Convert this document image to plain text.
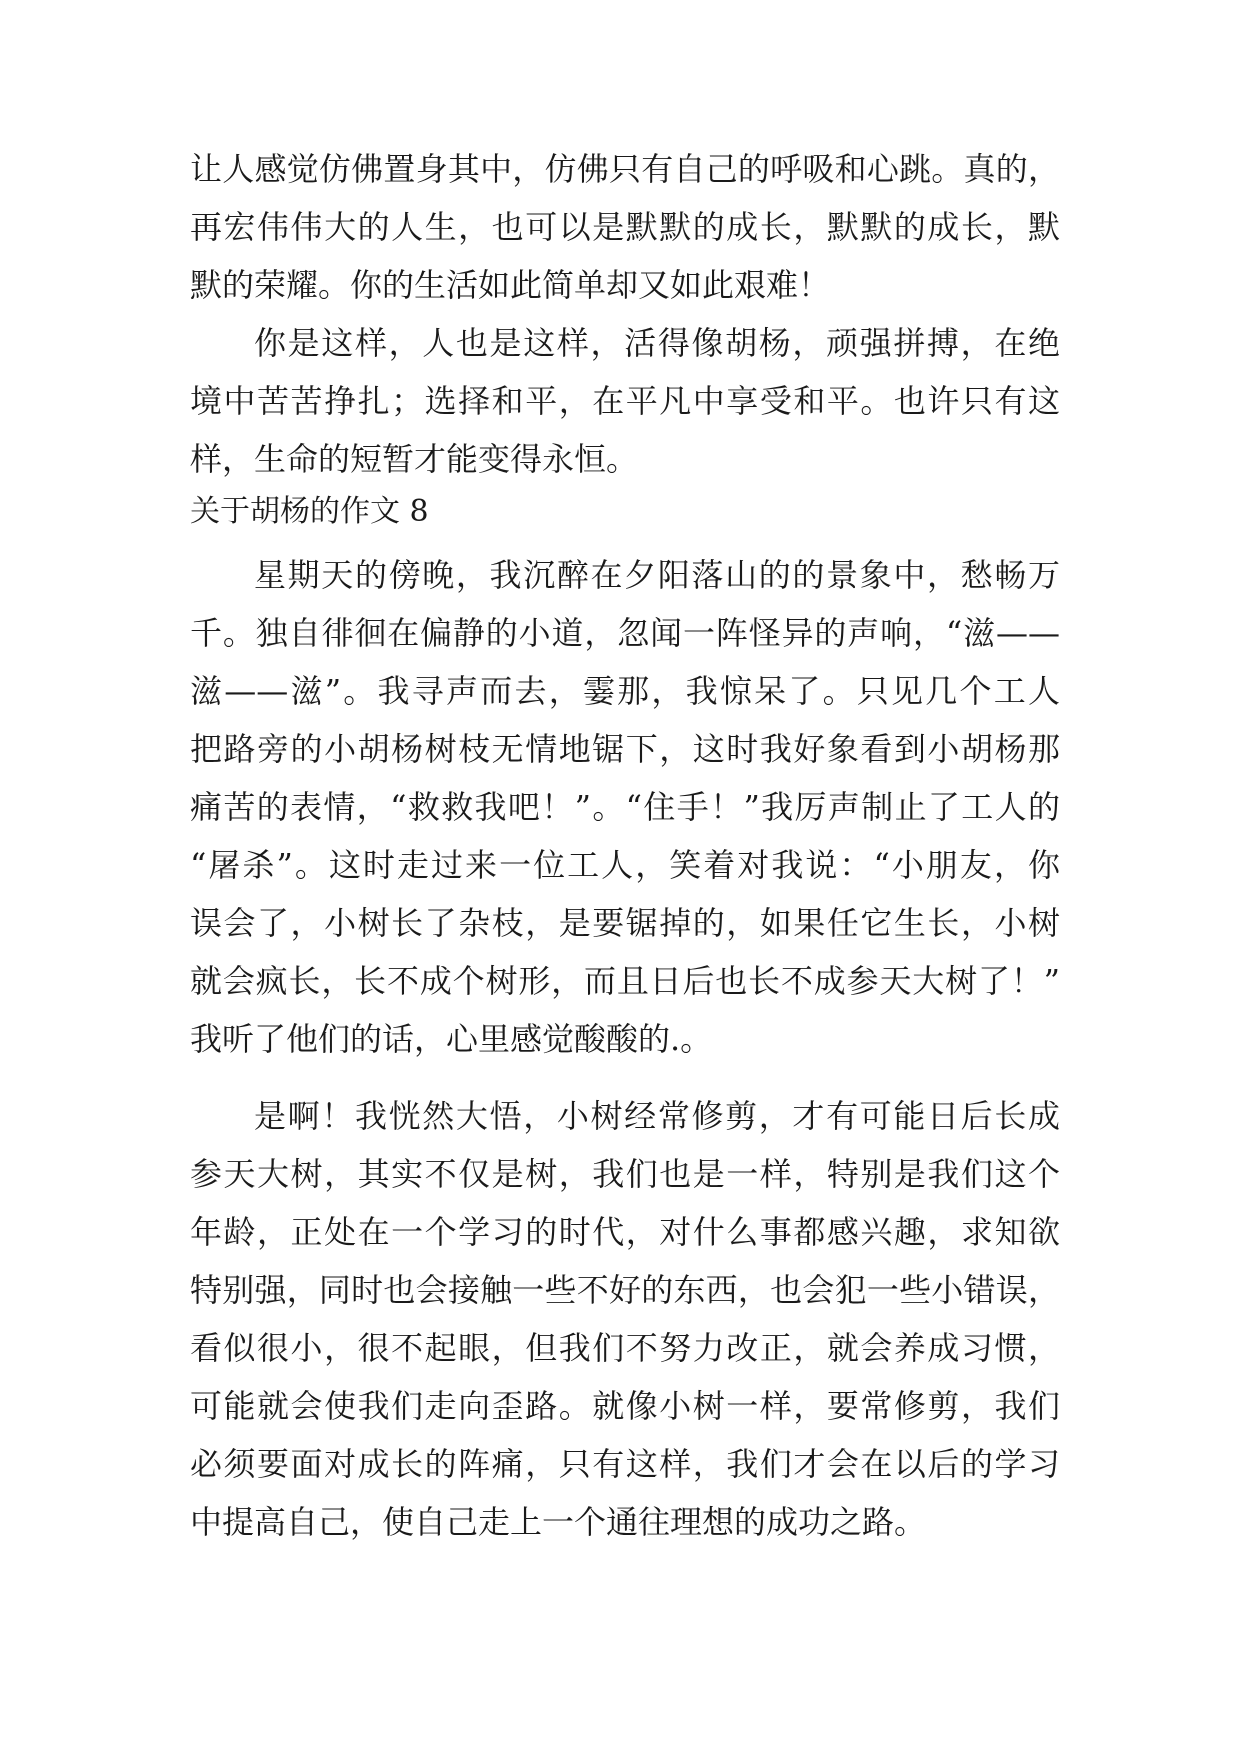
让人感觉仿佛置身其中，仿佛只有自己的呼吸和心跳。真的，
再宏伟伟大的人生，也可以是默默的成长，默默的成长，默
默的荣耀。你的生活如此简单却又如此艰难！
你是这样，人也是这样，活得像胡杨，顽强拼搏，在绝
境中苦苦挣扎；选择和平，在平凡中享受和平。也许只有这
样，生命的短暂才能变得永恒。
关于胡杨的作文 8
星期天的傍晚，我沉醉在夕阳落山的的景象中，愁畅万
千。独自徘徊在偏静的小道，忽闻一阵怪异的声响，“滋——
滋——滋”。我寻声而去，霎那，我惊呆了。只见几个工人
把路旁的小胡杨树枝无情地锯下，这时我好象看到小胡杨那
痛苦的表情，“救救我吧！”。“住手！”我厉声制止了工人的
“屠杀”。这时走过来一位工人，笑着对我说：“小朋友，你
误会了，小树长了杂枝，是要锯掉的，如果任它生长，小树
就会疯长，长不成个树形，而且日后也长不成参天大树了！”
我听了他们的话，心里感觉酸酸的.。
是啊！我恍然大悟，小树经常修剪，才有可能日后长成
参天大树，其实不仅是树，我们也是一样，特别是我们这个
年龄，正处在一个学习的时代，对什么事都感兴趣，求知欲
特别强，同时也会接触一些不好的东西，也会犯一些小错误，
看似很小，很不起眼，但我们不努力改正，就会养成习惯，
可能就会使我们走向歪路。就像小树一样，要常修剪，我们
必须要面对成长的阵痛，只有这样，我们才会在以后的学习
中提高自己，使自己走上一个通往理想的成功之路。
